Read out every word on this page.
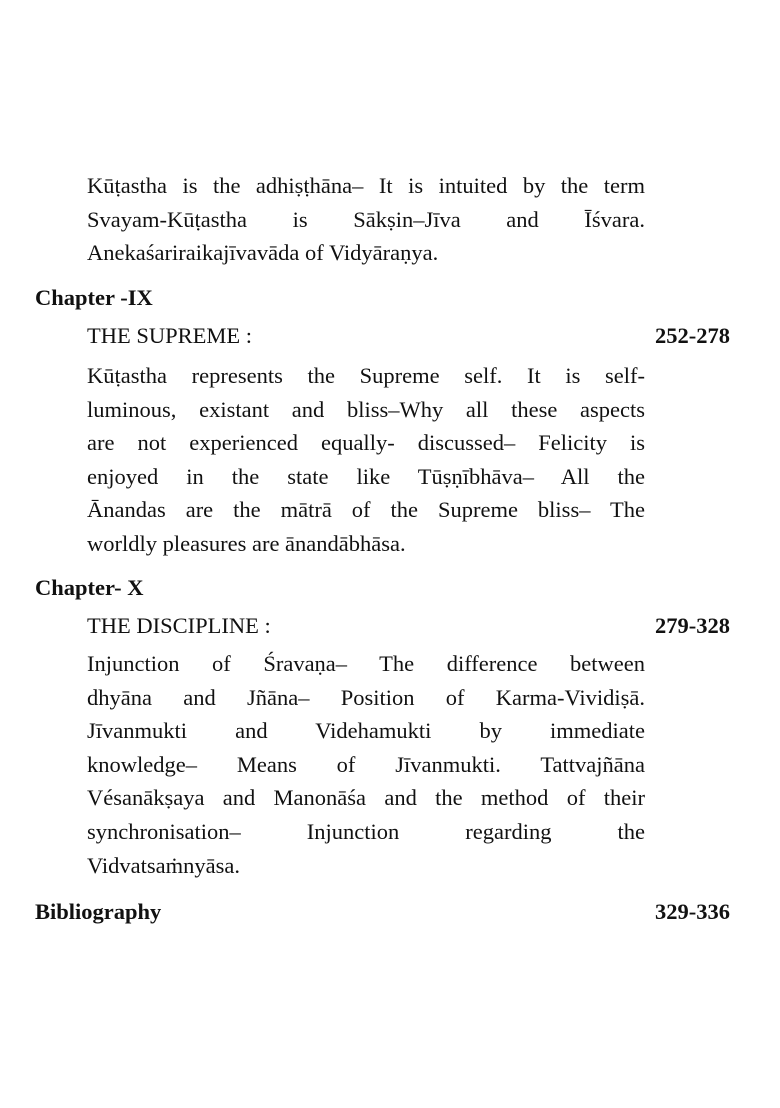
Kūṭastha is the adhiṣṭhāna– It is intuited by the term
Svayam-Kūṭastha is Sākṣin–Jīva and Īśvara.
Anekaśariraikajīvavāda of Vidyāraṇya.
Chapter -IX
THE SUPREME :	252-278
Kūṭastha represents the Supreme self. It is self-
luminous, existant and bliss–Why all these aspects
are not experienced equally- discussed– Felicity is
enjoyed in the state like Tūṣṇībhāva– All the
Ānandas are the mātrā of the Supreme bliss– The
worldly pleasures are ānandābhāsa.
Chapter- X
THE DISCIPLINE :	279-328
Injunction of Śravaṇa– The difference between
dhyāna and Jñāna– Position of Karma-Vividiṣā.
Jīvanmukti and Videhamukti by immediate
knowledge– Means of Jīvanmukti. Tattvajñāna
Vésanākṣaya and Manonāśa and the method of their
synchronisation– Injunction regarding the
Vidvatsaṁnyāsa.
Bibliography	329-336
